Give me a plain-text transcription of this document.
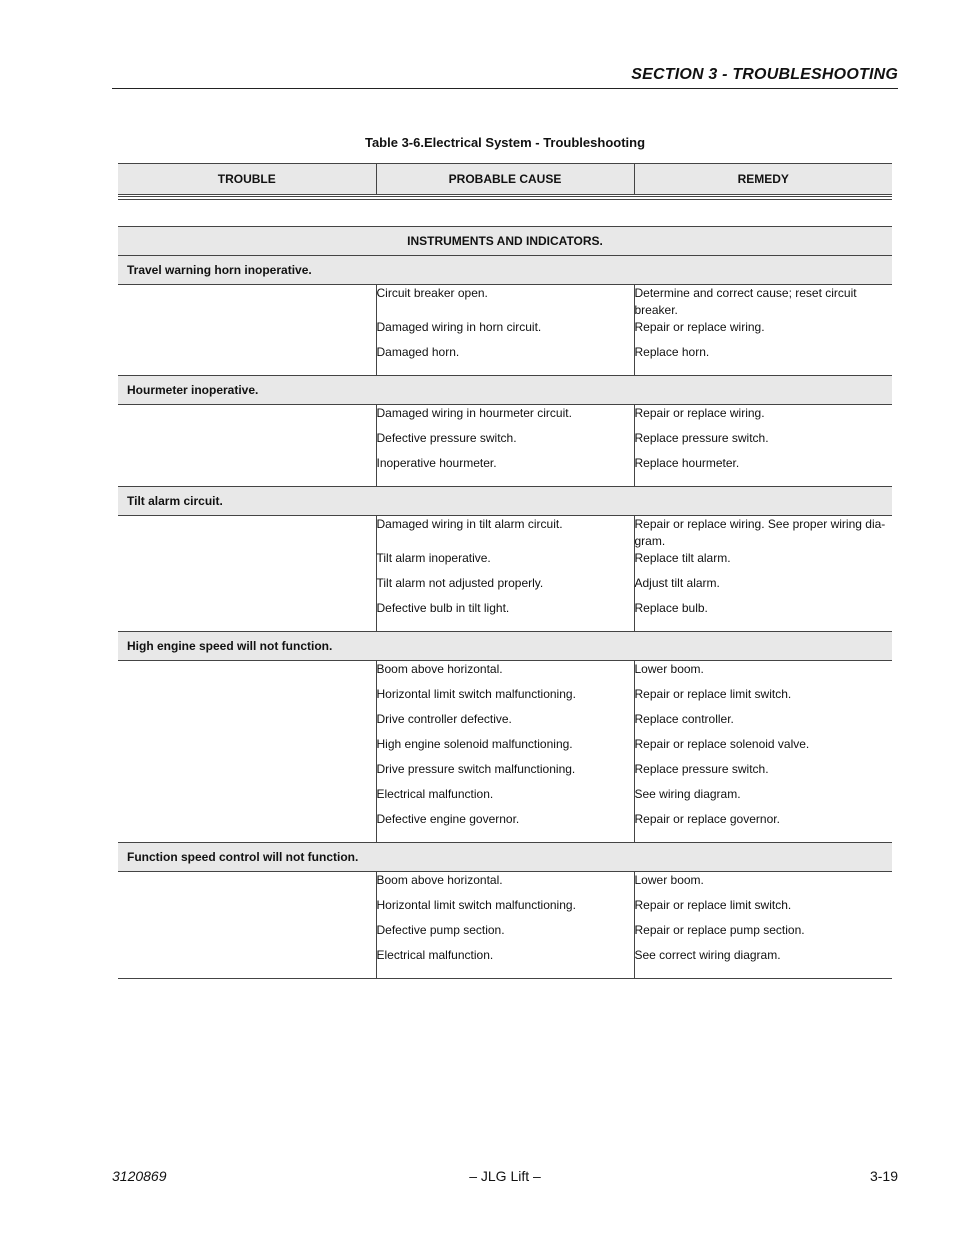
SECTION 3 - TROUBLESHOOTING
Table 3-6.Electrical System - Troubleshooting
TROUBLE	PROBABLE CAUSE	REMEDY
INSTRUMENTS AND INDICATORS.		
Travel warning horn inoperative.		

	Circuit breaker open.	Determine and correct cause; reset circuit breaker.

	Damaged wiring in horn circuit.	Repair or replace wiring.

	Damaged horn.	Replace horn.

Hourmeter inoperative.		

	Damaged wiring in hourmeter circuit.	Repair or replace wiring.

	Defective pressure switch.	Replace pressure switch.

	Inoperative hourmeter.	Replace hourmeter.

Tilt alarm circuit.		

	Damaged wiring in tilt alarm circuit.	Repair or replace wiring. See proper wiring dia-gram.

	Tilt alarm inoperative.	Replace tilt alarm.

	Tilt alarm not adjusted properly.	Adjust tilt alarm.

	Defective bulb in tilt light.	Replace bulb.

High engine speed will not function.		

	Boom above horizontal.	Lower boom.

	Horizontal limit switch malfunctioning.	Repair or replace limit switch.

	Drive controller defective.	Replace controller.

	High engine solenoid malfunctioning.	Repair or replace solenoid valve.

	Drive pressure switch malfunctioning.	Replace pressure switch.

	Electrical malfunction.	See wiring diagram.

	Defective engine governor.	Repair or replace governor.

Function speed control will not function.		

	Boom above horizontal.	Lower boom.

	Horizontal limit switch malfunctioning.	Repair or replace limit switch.

	Defective pump section.	Repair or replace pump section.

	Electrical malfunction.	See correct wiring diagram.
3120869	– JLG Lift –	3-19
